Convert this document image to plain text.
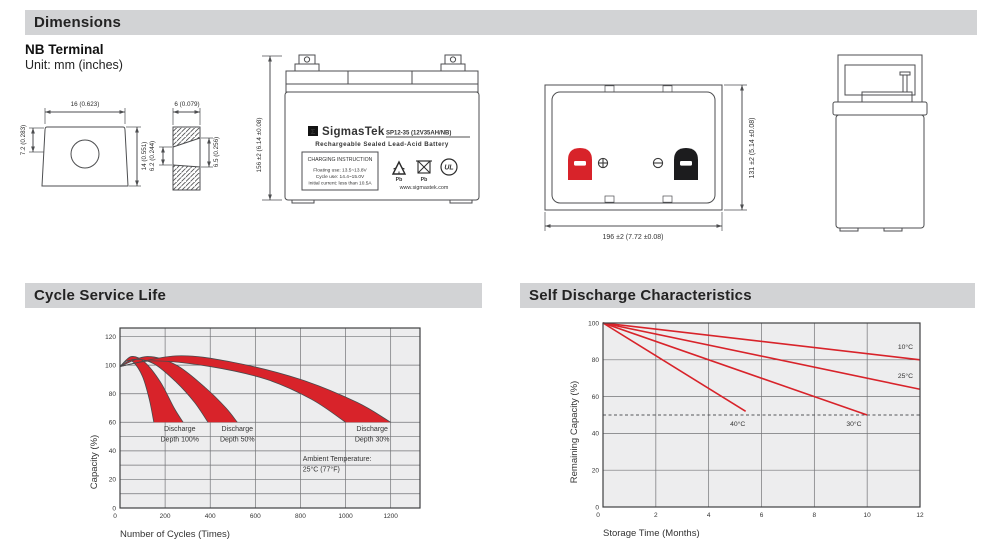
Dimensions
NB Terminal
Unit: mm (inches)
Cycle Service Life	Self Discharge Characteristics
16 (0.623)
7.2 (0.283)
14 (0.551)
6 (0.079)
6.2 (0.244)	6.5 (0.256)	156 ±2 (6.14 ±0.08)	Σ SigmasTek SP12-35 (12V35AH/NB)
Rechargeable Sealed Lead-Acid Battery
CHARGING INSTRUCTION
Floating use: 13.5~13.8V
Cycle use: 14.4~15.0V
Initial current: less than 10.5A
Pb	Pb
UL
www.sigmastek.com
196 ±2 (7.72 ±0.08)
131 ±2 (5.14 ±0.08)
0	200	400	600	800	1000	1200
0
20
40
60
80
100
120
Number of Cycles (Times)
Capacity (%)
Discharge Depth 100%
Discharge Depth 50%
Discharge Depth 30%
Ambient Temperature: 25°C (77°F)
10°C
25°C
30°C
40°C
0	2	4	6	8	10	12
0
20
40
60
80
100
Storage Time (Months)
Remaining Capacity (%)
